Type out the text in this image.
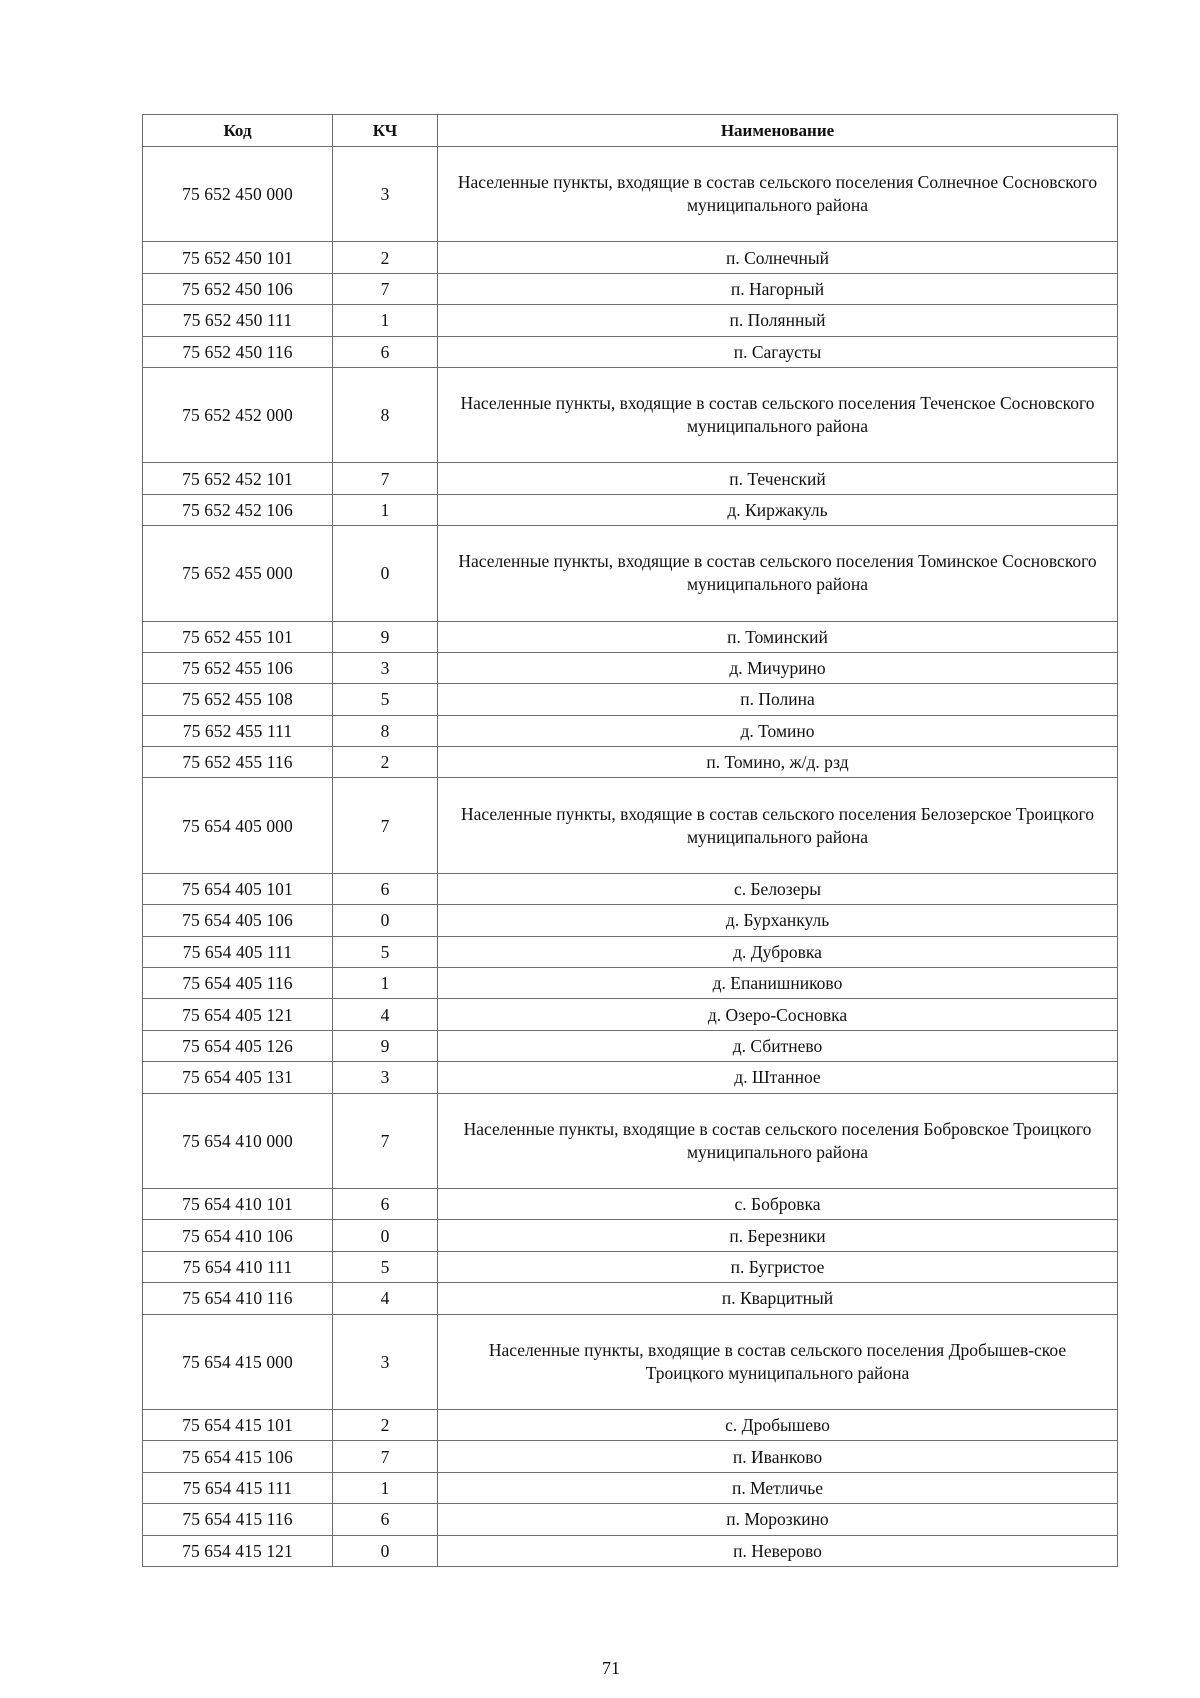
Код	КЧ	Наименование
75 652 450 000	3	Населенные пункты, входящие в состав сельского поселения Солнечное Сосновского муниципального района
75 652 450 101	2	п. Солнечный
75 652 450 106	7	п. Нагорный
75 652 450 111	1	п. Полянный
75 652 450 116	6	п. Сагаусты
75 652 452 000	8	Населенные пункты, входящие в состав сельского поселения Теченское Сосновского муниципального района
75 652 452 101	7	п. Теченский
75 652 452 106	1	д. Киржакуль
75 652 455 000	0	Населенные пункты, входящие в состав сельского поселения Томинское Сосновского муниципального района
75 652 455 101	9	п. Томинский
75 652 455 106	3	д. Мичурино
75 652 455 108	5	п. Полина
75 652 455 111	8	д. Томино
75 652 455 116	2	п. Томино, ж/д. рзд
75 654 405 000	7	Населенные пункты, входящие в состав сельского поселения Белозерское Троицкого муниципального района
75 654 405 101	6	с. Белозеры
75 654 405 106	0	д. Бурханкуль
75 654 405 111	5	д. Дубровка
75 654 405 116	1	д. Епанишниково
75 654 405 121	4	д. Озеро-Сосновка
75 654 405 126	9	д. Сбитнево
75 654 405 131	3	д. Штанное
75 654 410 000	7	Населенные пункты, входящие в состав сельского поселения Бобровское Троицкого муниципального района
75 654 410 101	6	с. Бобровка
75 654 410 106	0	п. Березники
75 654 410 111	5	п. Бугристое
75 654 410 116	4	п. Кварцитный
75 654 415 000	3	Населенные пункты, входящие в состав сельского поселения Дробышев-ское Троицкого муниципального района
75 654 415 101	2	с. Дробышево
75 654 415 106	7	п. Иванково
75 654 415 111	1	п. Метличье
75 654 415 116	6	п. Морозкино
75 654 415 121	0	п. Неверово
71
